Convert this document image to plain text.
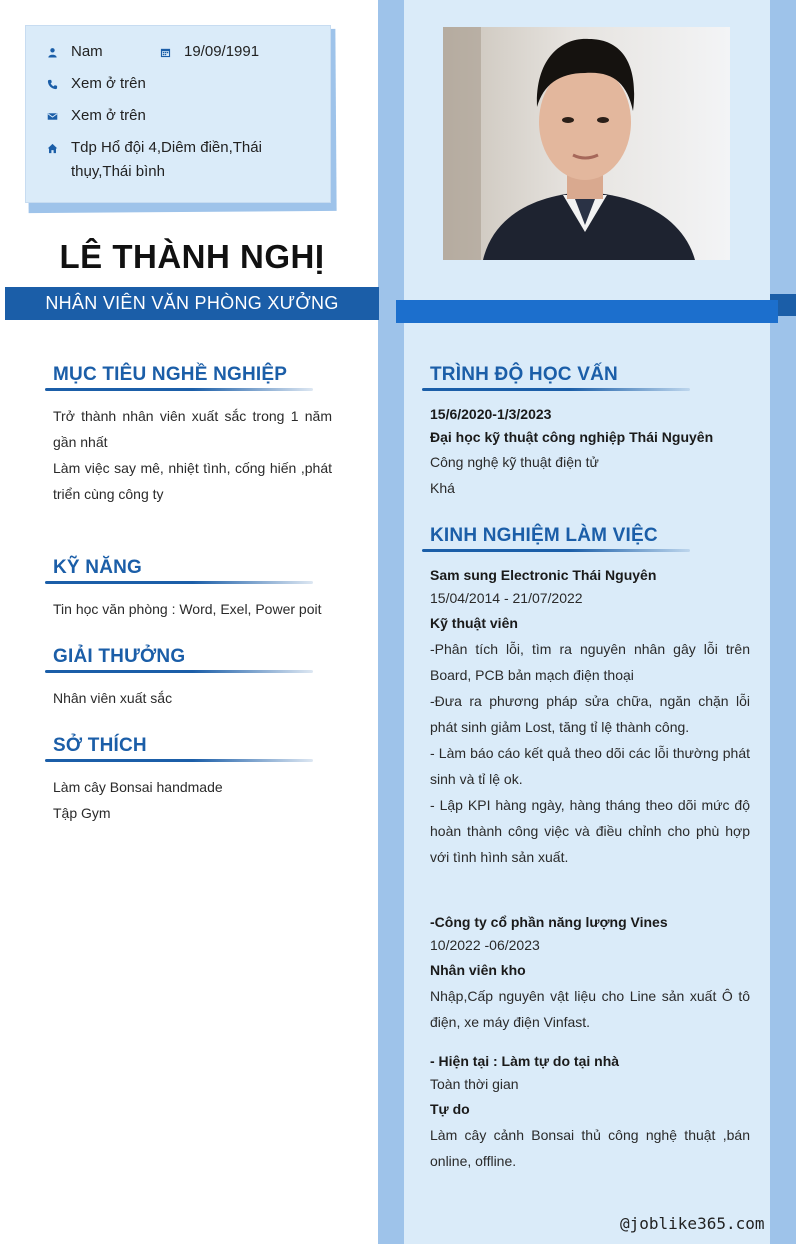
Nam	19/09/1991
Xem ở trên
Xem ở trên
Tdp Hổ đội 4,Diêm điền,Thái thụy,Thái bình
LÊ THÀNH NGHỊ
NHÂN VIÊN VĂN PHÒNG XƯỞNG
MỤC TIÊU NGHỀ NGHIỆP
Trở thành nhân viên xuất sắc trong 1 năm gần nhất
Làm việc say mê, nhiệt tình, cống hiến ,phát triển cùng công ty
KỸ NĂNG
Tin học văn phòng : Word, Exel, Power poit
GIẢI THƯỞNG
Nhân viên xuất sắc
SỞ THÍCH
Làm cây Bonsai handmade
Tập Gym
TRÌNH ĐỘ HỌC VẤN
15/6/2020-1/3/2023
Đại học kỹ thuật công nghiệp Thái Nguyên
Công nghệ kỹ thuật điện tử
Khá
KINH NGHIỆM LÀM VIỆC
Sam sung Electronic Thái Nguyên
15/04/2014 - 21/07/2022
Kỹ thuật viên
-Phân tích lỗi, tìm ra nguyên nhân gây lỗi trên Board, PCB bản mạch điện thoại
-Đưa ra phương pháp sửa chữa, ngăn chặn lỗi phát sinh giảm Lost, tăng tỉ lệ thành công.
- Làm báo cáo kết quả theo dõi các lỗi thường phát sinh và tỉ lệ ok.
- Lập KPI hàng ngày, hàng tháng theo dõi mức độ hoàn thành công việc và điều chỉnh cho phù hợp với tình hình sản xuất.
-Công ty cổ phần năng lượng Vines
10/2022 -06/2023
Nhân viên kho
Nhập,Cấp nguyên vật liệu cho Line sản xuất Ô tô điện, xe máy điện Vinfast.
- Hiện tại : Làm tự do tại nhà
Toàn thời gian
Tự do
Làm cây cảnh Bonsai thủ công nghệ thuật ,bán online, offline.
@joblike365.com
